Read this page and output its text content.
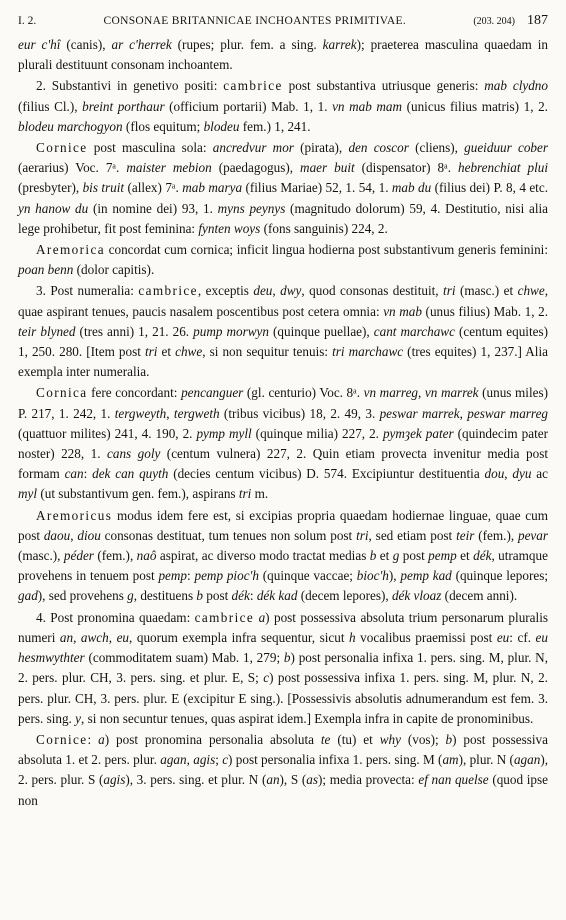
I. 2.	CONSONAE BRITANNICAE INCHOANTES PRIMITIVAE.	(203. 204) 187

eur c'hî (canis), ar c'herrek (rupes; plur. fem. a sing. karrek); praeterea masculina quaedam in plurali destituunt consonam inchoantem.

2. Substantivi in genetivo positi: cambrice post substantiva utriusque generis: mab clydno (filius Cl.), breint porthaur (officium portarii) Mab. 1, 1. vn mab mam (unicus filius matris) 1, 2. blodeu marchogyon (flos equitum; blodeu fem.) 1, 241.

Cornice post masculina sola: ancredvur mor (pirata), den coscor (cliens), gueiduur cober (aerarius) Voc. 7ᵃ. maister mebion (paedagogus), maer buit (dispensator) 8ᵃ. hebrenchiat plui (presbyter), bis truit (allex) 7ᵃ. mab marya (filius Mariae) 52, 1. 54, 1. mab du (filius dei) P. 8, 4 etc. yn hanow du (in nomine dei) 93, 1. myns peynys (magnitudo dolorum) 59, 4. Destitutio, nisi alia lege prohibetur, fit post feminina: fynten woys (fons sanguinis) 224, 2.

Aremorica concordat cum cornica; inficit lingua hodierna post substantivum generis feminini: poan benn (dolor capitis).

3. Post numeralia: cambrice, exceptis deu, dwy, quod consonas destituit, tri (masc.) et chwe, quae aspirant tenues, paucis nasalem poscentibus post cetera omnia: vn mab (unus filius) Mab. 1, 2. teir blyned (tres anni) 1, 21. 26. pump morwyn (quinque puellae), cant marchawc (centum equites) 1, 250. 280. [Item post tri et chwe, si non sequitur tenuis: tri marchawc (tres equites) 1, 237.] Alia exempla inter numeralia.

Cornica fere concordant: pencanguer (gl. centurio) Voc. 8ᵃ. vn marreg, vn marrek (unus miles) P. 217, 1. 242, 1. tergweyth, tergweth (tribus vicibus) 18, 2. 49, 3. peswar marrek, peswar marreg (quattuor milites) 241, 4. 190, 2. pymp myll (quinque milia) 227, 2. pymȝek pater (quindecim pater noster) 228, 1. cans goly (centum vulnera) 227, 2. Quin etiam provecta invenitur media post formam can: dek can quyth (decies centum vicibus) D. 574. Excipiuntur destituentia dou, dyu ac myl (ut substantivum gen. fem.), aspirans tri m.

Aremoricus modus idem fere est, si excipias propria quaedam hodiernae linguae, quae cum post daou, diou consonas destituat, tum tenues non solum post tri, sed etiam post teir (fem.), pevar (masc.), péder (fem.), naô aspirat, ac diverso modo tractat medias b et g post pemp et dék, utramque provehens in tenuem post pemp: pemp pioc'h (quinque vaccae; bioc'h), pemp kad (quinque lepores; gad), sed provehens g, destituens b post dék: dék kad (decem lepores), dék vloaz (decem anni).

4. Post pronomina quaedam: cambrice a) post possessiva absoluta trium personarum pluralis numeri an, awch, eu, quorum exempla infra sequentur, sicut h vocalibus praemissi post eu: cf. eu hesmwythter (commoditatem suam) Mab. 1, 279; b) post personalia infixa 1. pers. sing. M, plur. N, 2. pers. plur. CH, 3. pers. sing. et plur. E, S; c) post possessiva infixa 1. pers. sing. M, plur. N, 2. pers. plur. CH, 3. pers. plur. E (excipitur E sing.). [Possessivis absolutis adnumerandum est fem. 3. pers. sing. y, si non secuntur tenues, quas aspirat idem.] Exempla infra in capite de pronominibus.

Cornice: a) post pronomina personalia absoluta te (tu) et why (vos); b) post possessiva absoluta 1. et 2. pers. plur. agan, agis; c) post personalia infixa 1. pers. sing. M (am), plur. N (agan), 2. pers. plur. S (agis), 3. pers. sing. et plur. N (an), S (as); media provecta: ef nan quelse (quod ipse non
